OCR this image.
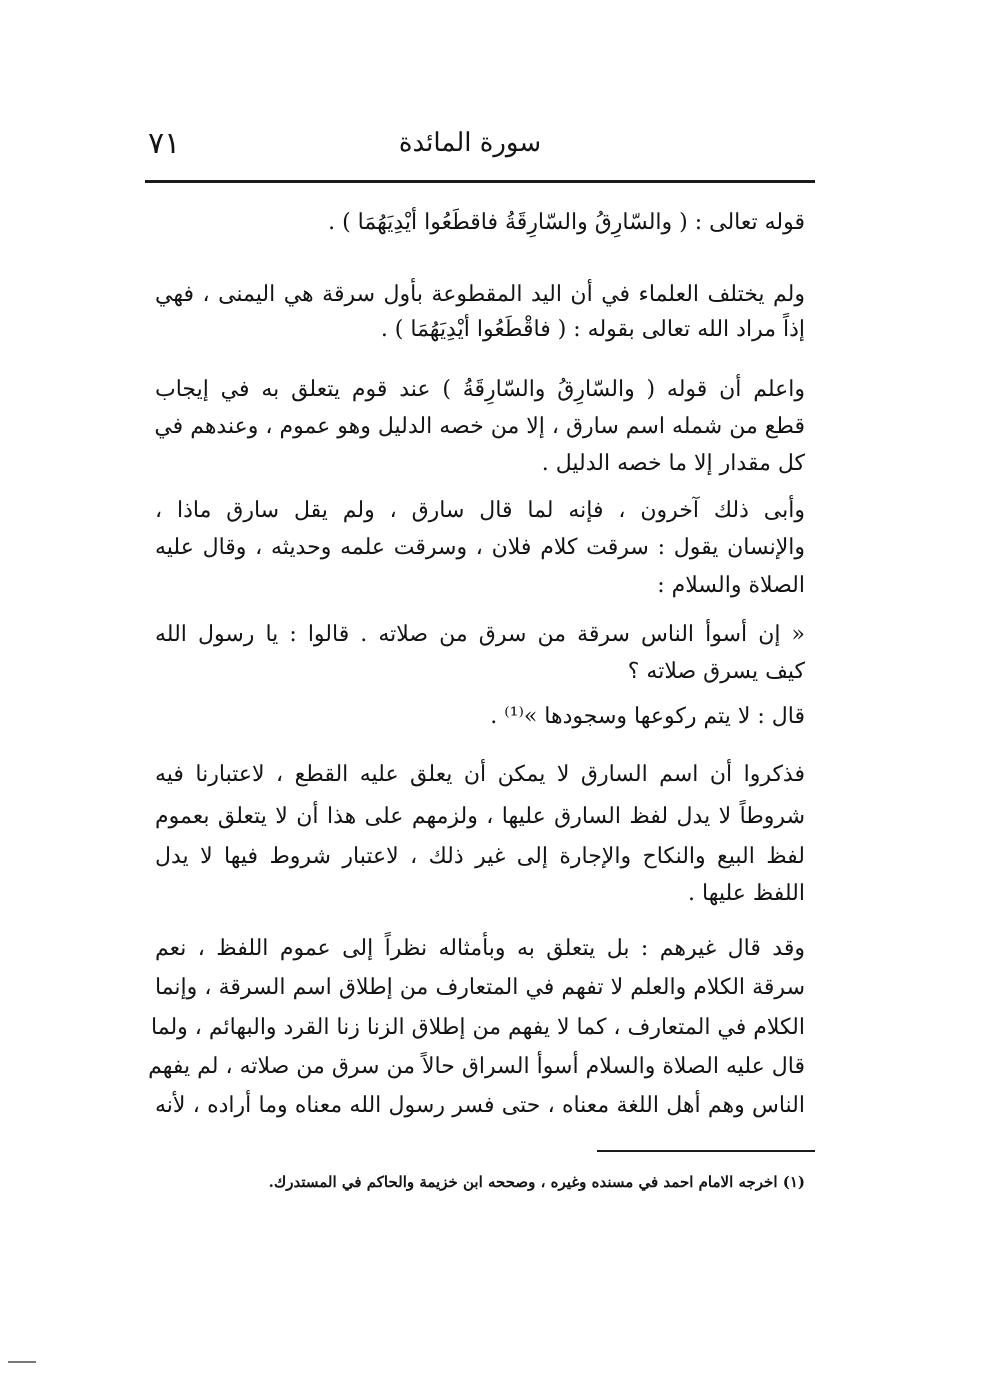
٧١	سورة المائدة
قوله تعالى : ( والسّارِقُ والسّارِقَةُ فاقطَعُوا أيْدِيَهُمَا ) .
ولم يختلف العلماء في أن اليد المقطوعة بأول سرقة هي اليمنى ، فهي
إذاً مراد الله تعالى بقوله : ( فاقْطَعُوا أيْدِيَهُمَا ) .
واعلم أن قوله ( والسّارِقُ والسّارِقَةُ ) عند قوم يتعلق به في إيجاب
قطع من شمله اسم سارق ، إلا من خصه الدليل وهو عموم ، وعندهم في
كل مقدار إلا ما خصه الدليل .
وأبى ذلك آخرون ، فإنه لما قال سارق ، ولم يقل سارق ماذا ،
والإنسان يقول : سرقت كلام فلان ، وسرقت علمه وحديثه ، وقال عليه
الصلاة والسلام :
« إن أسوأ الناس سرقة من سرق من صلاته . قالوا : يا رسول الله
كيف يسرق صلاته ؟
قال : لا يتم ركوعها وسجودها »⁽¹⁾ .
فذكروا أن اسم السارق لا يمكن أن يعلق عليه القطع ، لاعتبارنا فيه
شروطاً لا يدل لفظ السارق عليها ، ولزمهم على هذا أن لا يتعلق بعموم
لفظ البيع والنكاح والإجارة إلى غير ذلك ، لاعتبار شروط فيها لا يدل
اللفظ عليها .
وقد قال غيرهم : بل يتعلق به وبأمثاله نظراً إلى عموم اللفظ ، نعم
سرقة الكلام والعلم لا تفهم في المتعارف من إطلاق اسم السرقة ، وإنما
الكلام في المتعارف ، كما لا يفهم من إطلاق الزنا زنا القرد والبهائم ، ولما
قال عليه الصلاة والسلام أسوأ السراق حالاً من سرق من صلاته ، لم يفهم
الناس وهم أهل اللغة معناه ، حتى فسر رسول الله معناه وما أراده ، لأنه
(١) اخرجه الامام احمد في مسنده وغيره ، وصححه ابن خزيمة والحاكم في المستدرك.
